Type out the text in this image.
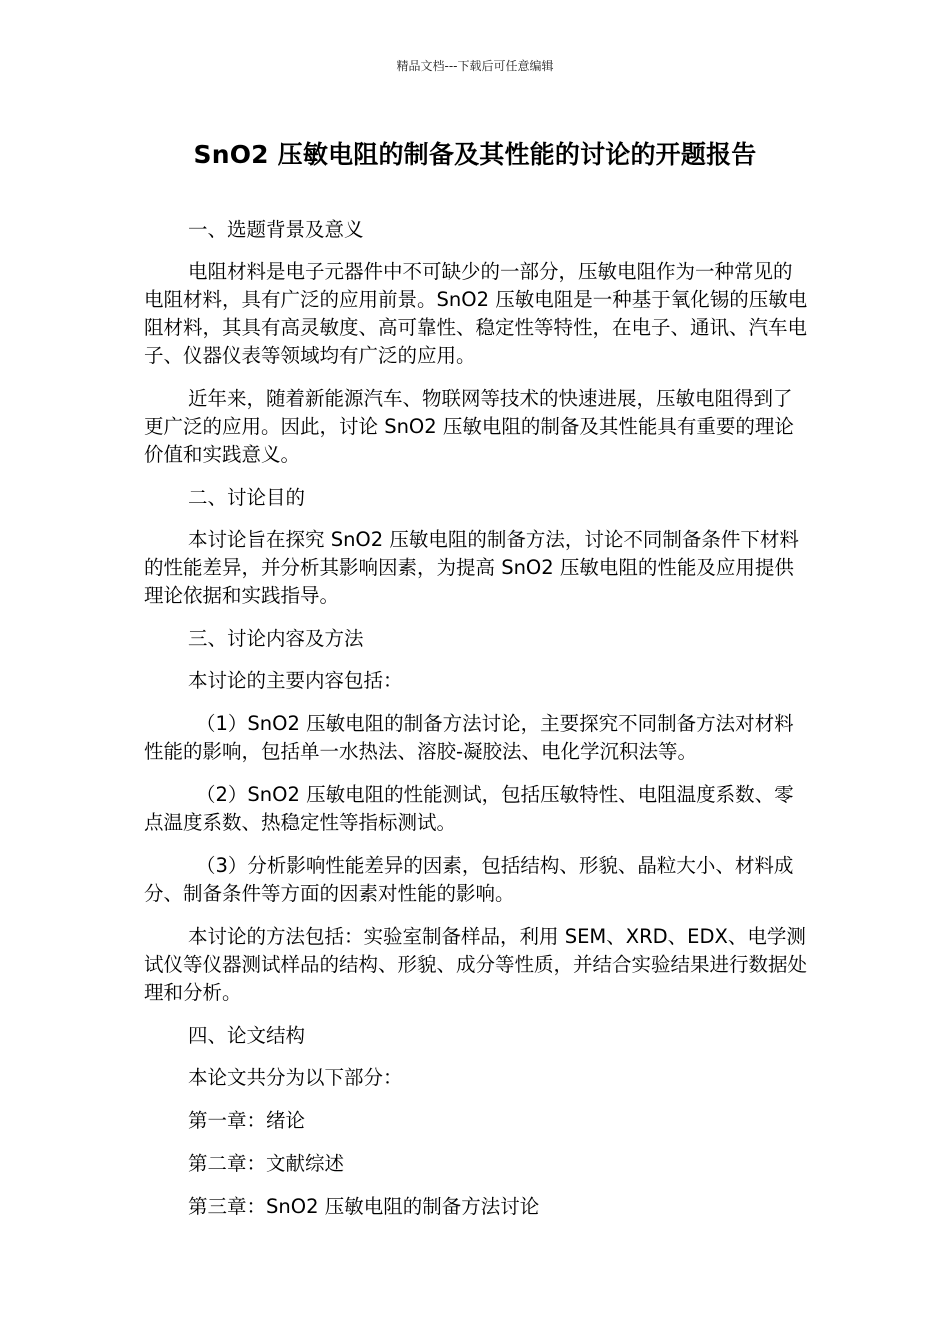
精品文档---下载后可任意编辑
SnO2 压敏电阻的制备及其性能的讨论的开题报告

一、选题背景及意义

电阻材料是电子元器件中不可缺少的一部分，压敏电阻作为一种常见的电阻材料，具有广泛的应用前景。SnO2 压敏电阻是一种基于氧化锡的压敏电阻材料，其具有高灵敏度、高可靠性、稳定性等特性，在电子、通讯、汽车电子、仪器仪表等领域均有广泛的应用。

近年来，随着新能源汽车、物联网等技术的快速进展，压敏电阻得到了更广泛的应用。因此，讨论 SnO2 压敏电阻的制备及其性能具有重要的理论价值和实践意义。

二、讨论目的

本讨论旨在探究 SnO2 压敏电阻的制备方法，讨论不同制备条件下材料的性能差异，并分析其影响因素，为提高 SnO2 压敏电阻的性能及应用提供理论依据和实践指导。

三、讨论内容及方法

本讨论的主要内容包括：

（1）SnO2 压敏电阻的制备方法讨论，主要探究不同制备方法对材料性能的影响，包括单一水热法、溶胶-凝胶法、电化学沉积法等。

（2）SnO2 压敏电阻的性能测试，包括压敏特性、电阻温度系数、零点温度系数、热稳定性等指标测试。

（3）分析影响性能差异的因素，包括结构、形貌、晶粒大小、材料成分、制备条件等方面的因素对性能的影响。

本讨论的方法包括：实验室制备样品，利用 SEM、XRD、EDX、电学测试仪等仪器测试样品的结构、形貌、成分等性质，并结合实验结果进行数据处理和分析。

四、论文结构

本论文共分为以下部分：

第一章：绪论

第二章：文献综述

第三章：SnO2 压敏电阻的制备方法讨论
